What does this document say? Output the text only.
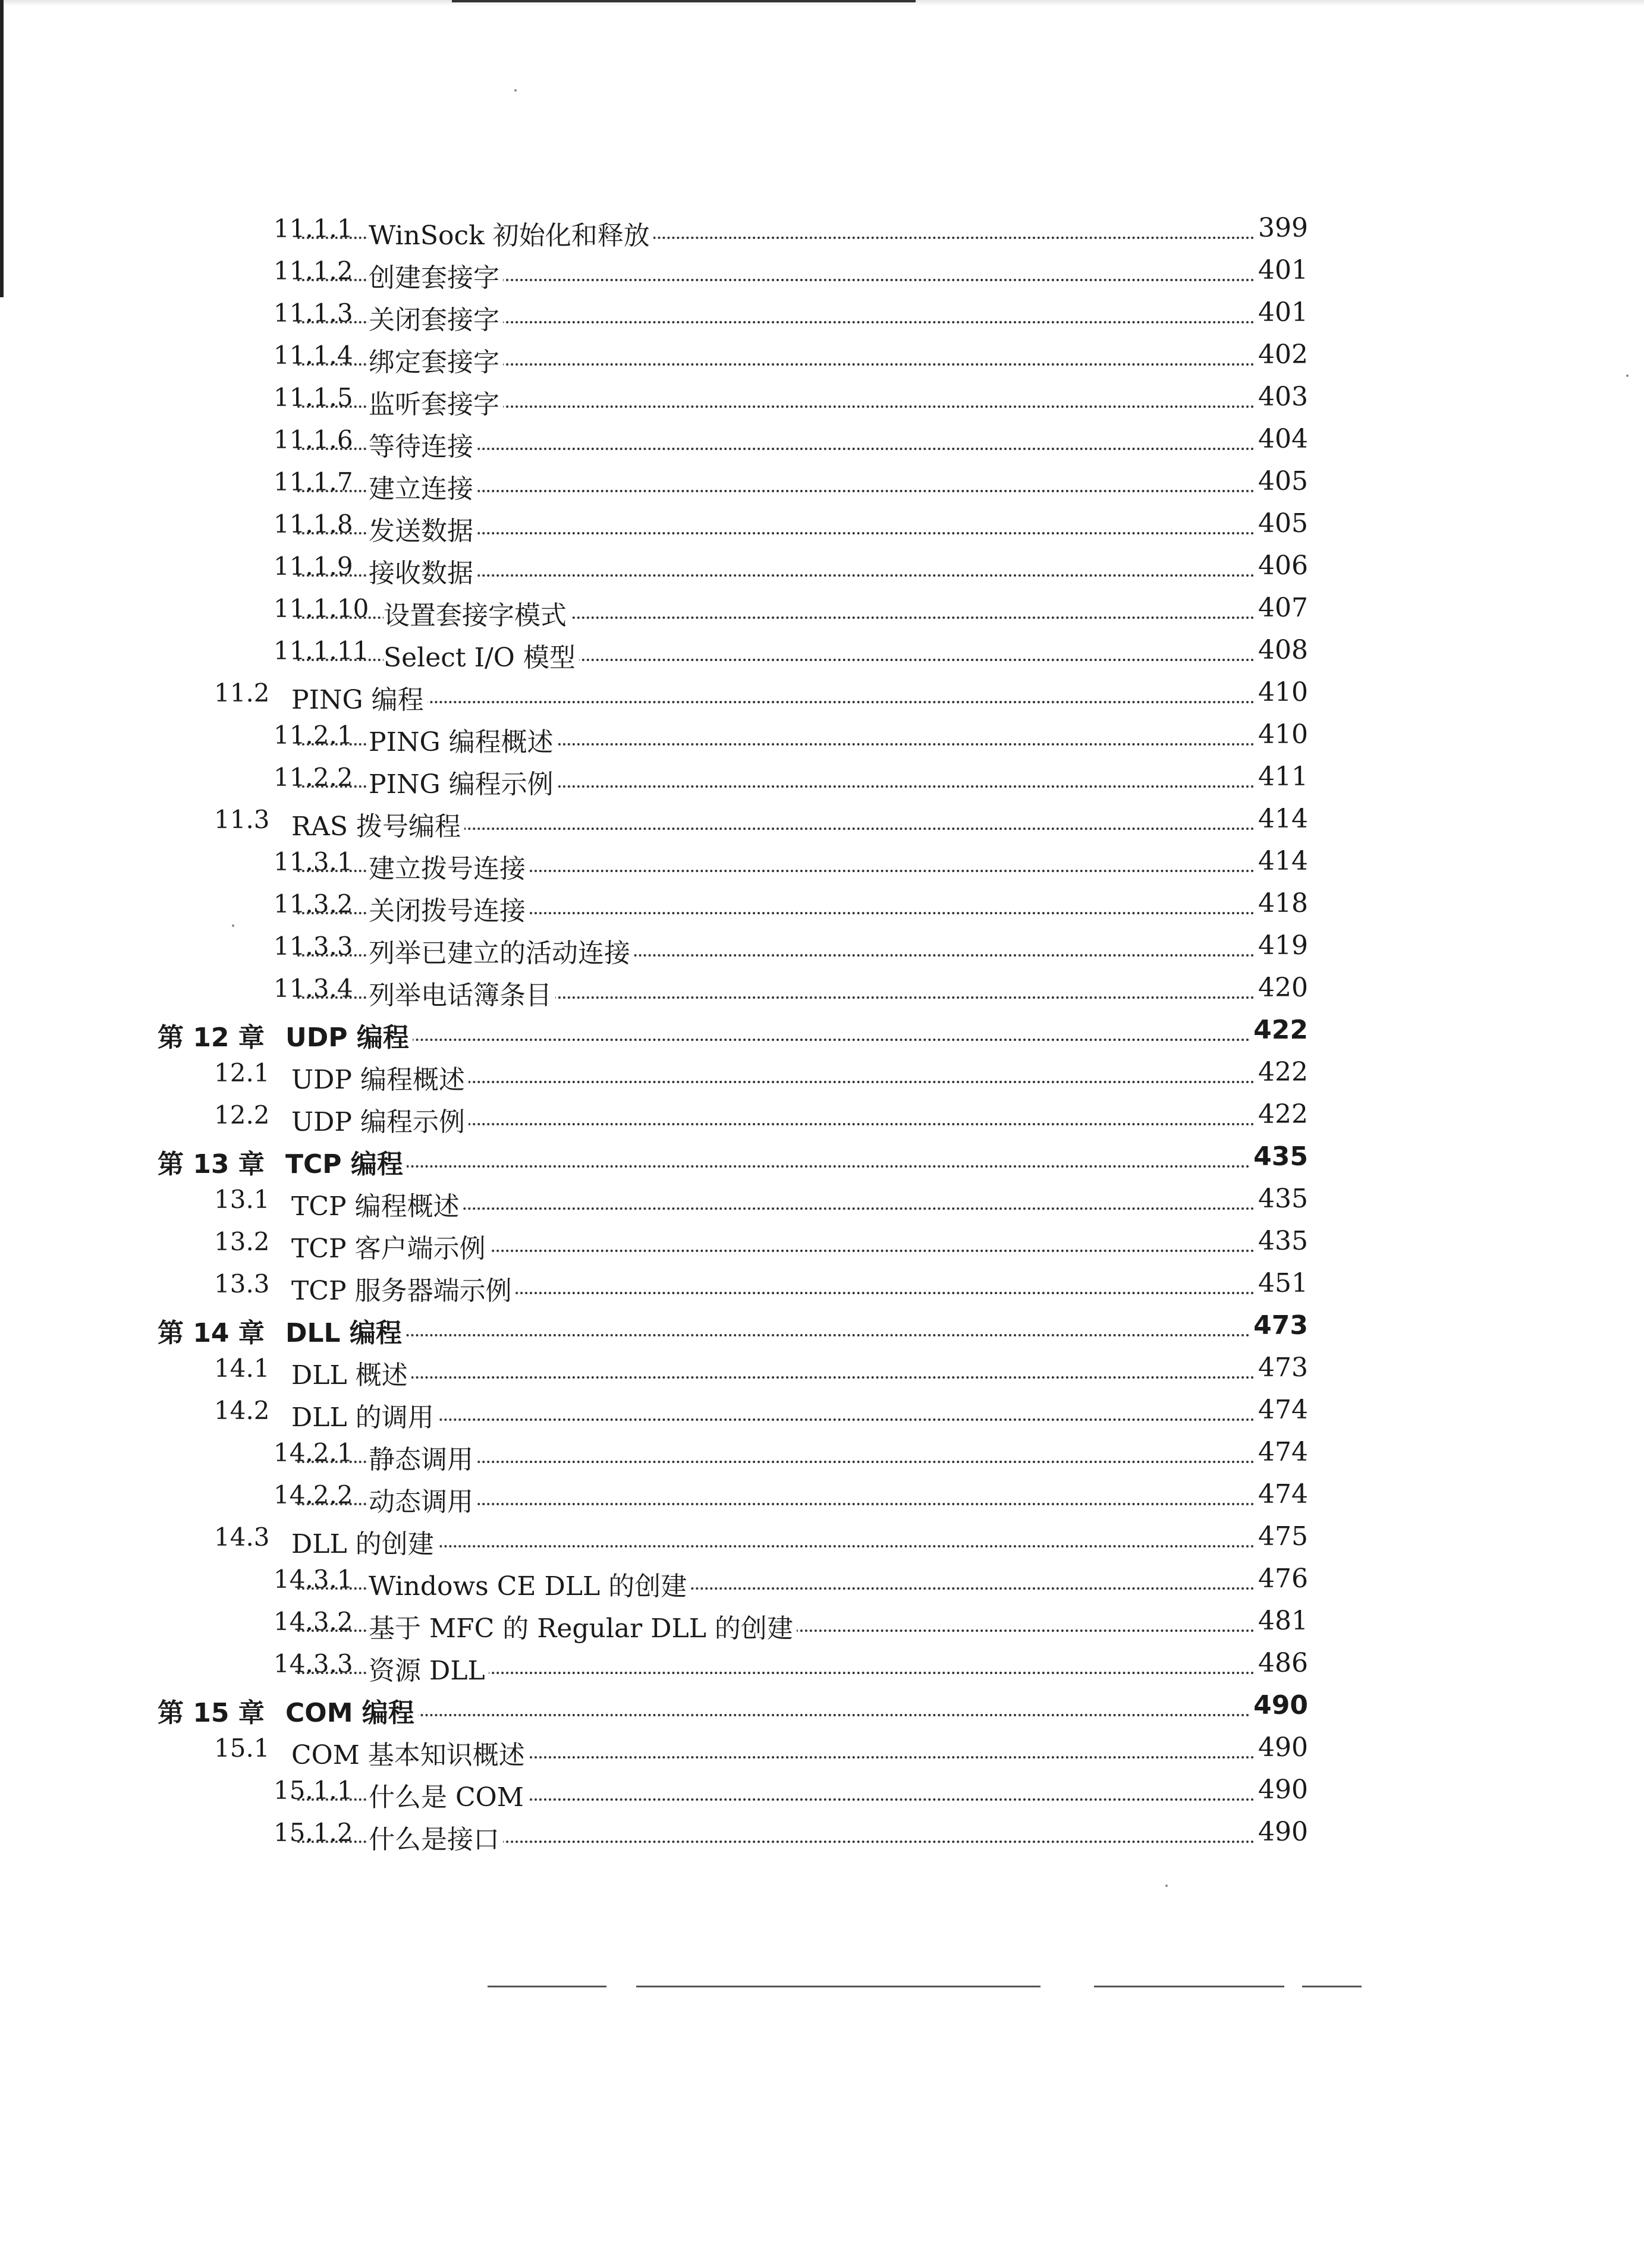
11.1.1 WinSock 初始化和释放	399
11.1.2 创建套接字	401
11.1.3 关闭套接字	401
11.1.4 绑定套接字	402
11.1.5 监听套接字	403
11.1.6 等待连接	404
11.1.7 建立连接	405
11.1.8 发送数据	405
11.1.9 接收数据	406
11.1.10 设置套接字模式	407
11.1.11 Select I/O 模型	408
11.2 PING 编程	410
11.2.1 PING 编程概述	410
11.2.2 PING 编程示例	411
11.3 RAS 拨号编程	414
11.3.1 建立拨号连接	414
11.3.2 关闭拨号连接	418
11.3.3 列举已建立的活动连接	419
11.3.4 列举电话簿条目	420
第 12 章 UDP 编程	422
12.1 UDP 编程概述	422
12.2 UDP 编程示例	422
第 13 章 TCP 编程	435
13.1 TCP 编程概述	435
13.2 TCP 客户端示例	435
13.3 TCP 服务器端示例	451
第 14 章 DLL 编程	473
14.1 DLL 概述	473
14.2 DLL 的调用	474
14.2.1 静态调用	474
14.2.2 动态调用	474
14.3 DLL 的创建	475
14.3.1 Windows CE DLL 的创建	476
14.3.2 基于 MFC 的 Regular DLL 的创建	481
14.3.3 资源 DLL	486
第 15 章 COM 编程	490
15.1 COM 基本知识概述	490
15.1.1 什么是 COM	490
15.1.2 什么是接口	490
